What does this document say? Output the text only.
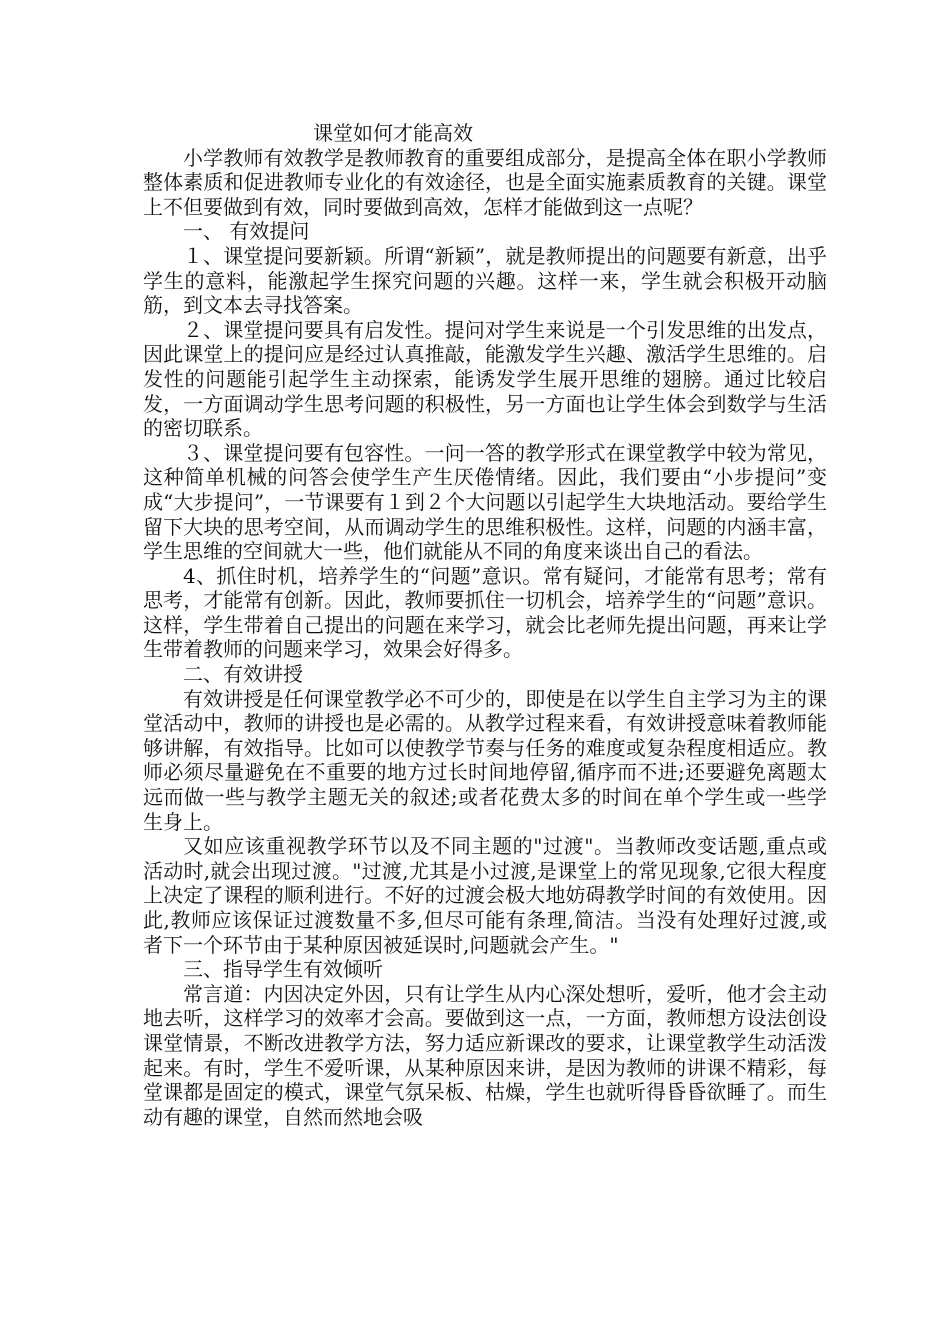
课堂如何才能高效

小学教师有效教学是教师教育的重要组成部分，是提高全体在职小学教师整体素质和促进教师专业化的有效途径，也是全面实施素质教育的关键。课堂上不但要做到有效，同时要做到高效，怎样才能做到这一点呢？

一、 有效提问

１、课堂提问要新颖。所谓“新颖”，就是教师提出的问题要有新意，出乎学生的意料，能激起学生探究问题的兴趣。这样一来，学生就会积极开动脑筋，到文本去寻找答案。

２、课堂提问要具有启发性。提问对学生来说是一个引发思维的出发点，因此课堂上的提问应是经过认真推敲，能激发学生兴趣、激活学生思维的。启发性的问题能引起学生主动探索，能诱发学生展开思维的翅膀。通过比较启发，一方面调动学生思考问题的积极性，另一方面也让学生体会到数学与生活的密切联系。

３、课堂提问要有包容性。一问一答的教学形式在课堂教学中较为常见，这种简单机械的问答会使学生产生厌倦情绪。因此，我们要由“小步提问”变成“大步提问”，一节课要有１到２个大问题以引起学生大块地活动。要给学生留下大块的思考空间，从而调动学生的思维积极性。这样，问题的内涵丰富，学生思维的空间就大一些，他们就能从不同的角度来谈出自己的看法。

4、抓住时机，培养学生的“问题”意识。常有疑问，才能常有思考；常有思考，才能常有创新。因此，教师要抓住一切机会，培养学生的“问题”意识。这样，学生带着自己提出的问题在来学习，就会比老师先提出问题，再来让学生带着教师的问题来学习，效果会好得多。

二、有效讲授

有效讲授是任何课堂教学必不可少的，即使是在以学生自主学习为主的课堂活动中，教师的讲授也是必需的。从教学过程来看，有效讲授意味着教师能够讲解，有效指导。比如可以使教学节奏与任务的难度或复杂程度相适应。教师必须尽量避免在不重要的地方过长时间地停留,循序而不进;还要避免离题太远而做一些与教学主题无关的叙述;或者花费太多的时间在单个学生或一些学生身上。

又如应该重视教学环节以及不同主题的"过渡"。当教师改变话题,重点或活动时,就会出现过渡。"过渡,尤其是小过渡,是课堂上的常见现象,它很大程度上决定了课程的顺利进行。不好的过渡会极大地妨碍教学时间的有效使用。因此,教师应该保证过渡数量不多,但尽可能有条理,简洁。当没有处理好过渡,或者下一个环节由于某种原因被延误时,问题就会产生。"

三、指导学生有效倾听

常言道：内因决定外因，只有让学生从内心深处想听，爱听，他才会主动地去听，这样学习的效率才会高。要做到这一点，一方面，教师想方设法创设课堂情景，不断改进教学方法，努力适应新课改的要求，让课堂教学生动活泼起来。有时，学生不爱听课，从某种原因来讲，是因为教师的讲课不精彩，每堂课都是固定的模式，课堂气氛呆板、枯燥，学生也就听得昏昏欲睡了。而生动有趣的课堂，自然而然地会吸
